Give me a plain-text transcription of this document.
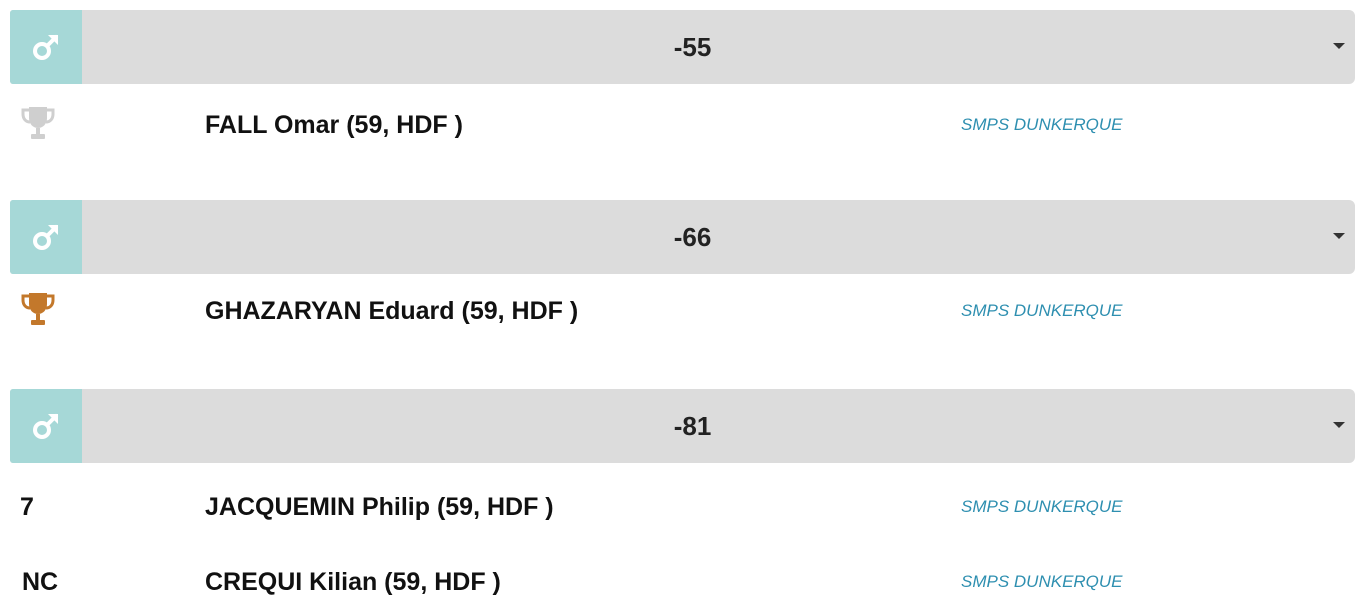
-55
FALL Omar (59, HDF )	SMPS DUNKERQUE
-66
GHAZARYAN Eduard (59, HDF )	SMPS DUNKERQUE
-81
7	JACQUEMIN Philip (59, HDF )	SMPS DUNKERQUE
NC	CREQUI Kilian (59, HDF )	SMPS DUNKERQUE
